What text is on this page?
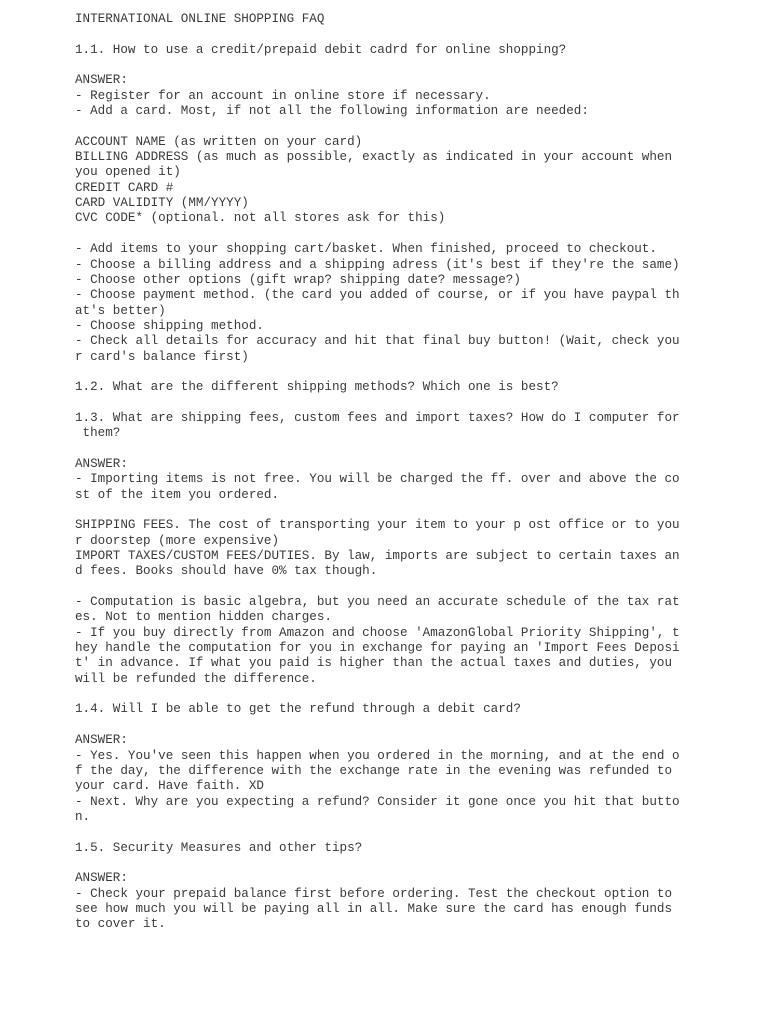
INTERNATIONAL ONLINE SHOPPING FAQ
1.1. How to use a credit/prepaid debit cadrd for online shopping?
ANSWER:
- Register for an account in online store if necessary.
- Add a card. Most, if not all the following information are needed:
ACCOUNT NAME (as written on your card)
BILLING ADDRESS (as much as possible, exactly as indicated in your account when
you opened it)
CREDIT CARD #
CARD VALIDITY (MM/YYYY)
CVC CODE* (optional. not all stores ask for this)
- Add items to your shopping cart/basket. When finished, proceed to checkout.
- Choose a billing address and a shipping adress (it's best if they're the same)
- Choose other options (gift wrap? shipping date? message?)
- Choose payment method. (the card you added of course, or if you have paypal th
at's better)
- Choose shipping method.
- Check all details for accuracy and hit that final buy button! (Wait, check you
r card's balance first)
1.2. What are the different shipping methods? Which one is best?
1.3. What are shipping fees, custom fees and import taxes? How do I computer for
them?
ANSWER:
- Importing items is not free. You will be charged the ff. over and above the co
st of the item you ordered.
SHIPPING FEES. The cost of transporting your item to your p ost office or to you
r doorstep (more expensive)
IMPORT TAXES/CUSTOM FEES/DUTIES. By law, imports are subject to certain taxes an
d fees. Books should have 0% tax though.
- Computation is basic algebra, but you need an accurate schedule of the tax rat
es. Not to mention hidden charges.
- If you buy directly from Amazon and choose 'AmazonGlobal Priority Shipping', t
hey handle the computation for you in exchange for paying an 'Import Fees Deposi
t' in advance. If what you paid is higher than the actual taxes and duties, you
will be refunded the difference.
1.4. Will I be able to get the refund through a debit card?
ANSWER:
- Yes. You've seen this happen when you ordered in the morning, and at the end o
f the day, the difference with the exchange rate in the evening was refunded to
your card. Have faith. XD
- Next. Why are you expecting a refund? Consider it gone once you hit that butto
n.
1.5. Security Measures and other tips?
ANSWER:
- Check your prepaid balance first before ordering. Test the checkout option to
see how much you will be paying all in all. Make sure the card has enough funds
to cover it.
